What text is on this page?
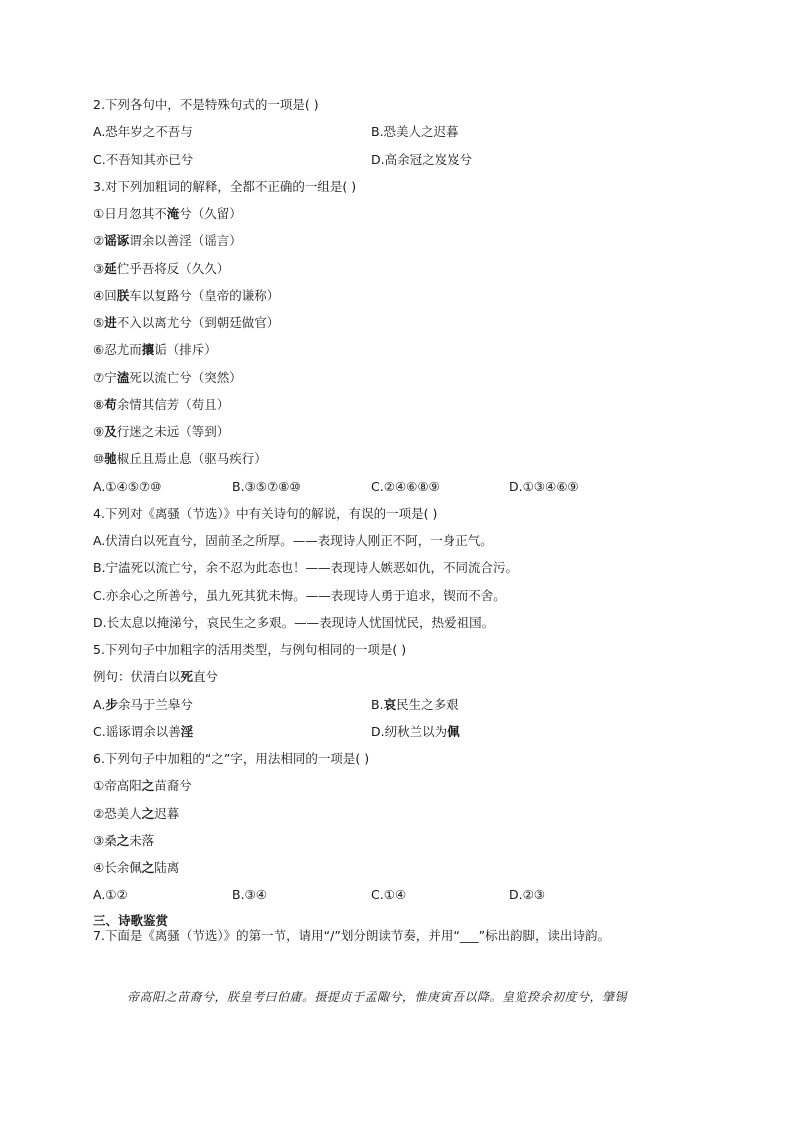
2.下列各句中，不是特殊句式的一项是( )
A.恐年岁之不吾与	B.恐美人之迟暮
C.不吾知其亦已兮	D.高余冠之岌岌兮
3.对下列加粗词的解释，全都不正确的一组是( )
①日月忽其不淹兮（久留）
②谣诼谓余以善淫（谣言）
③延伫乎吾将反（久久）
④回朕车以复路兮（皇帝的谦称）
⑤进不入以离尤兮（到朝廷做官）
⑥忍尤而攘诟（排斥）
⑦宁溘死以流亡兮（突然）
⑧苟余情其信芳（苟且）
⑨及行迷之未远（等到）
⑩驰椒丘且焉止息（驱马疾行）
A.①④⑤⑦⑩	B.③⑤⑦⑧⑩	C.②④⑥⑧⑨	D.①③④⑥⑨
4.下列对《离骚（节选）》中有关诗句的解说，有误的一项是( )
A.伏清白以死直兮，固前圣之所厚。——表现诗人刚正不阿，一身正气。
B.宁溘死以流亡兮，余不忍为此态也！——表现诗人嫉恶如仇，不同流合污。
C.亦余心之所善兮，虽九死其犹未悔。——表现诗人勇于追求，锲而不舍。
D.长太息以掩涕兮，哀民生之多艰。——表现诗人忧国忧民，热爱祖国。
5.下列句子中加粗字的活用类型，与例句相同的一项是( )
例句：伏清白以死直兮
A.步余马于兰皋兮	B.哀民生之多艰
C.谣诼谓余以善淫	D.纫秋兰以为佩
6.下列句子中加粗的“之”字，用法相同的一项是( )
①帝高阳之苗裔兮
②恐美人之迟暮
③桑之未落
④长余佩之陆离
A.①②	B.③④	C.①④	D.②③
三、诗歌鉴赏
7.下面是《离骚（节选）》的第一节，请用“/”划分朗读节奏，并用“___”标出韵脚，读出诗韵。
帝高阳之苗裔兮，朕皇考曰伯庸。摄提贞于孟陬兮，惟庚寅吾以降。皇览揆余初度兮，肇锡
